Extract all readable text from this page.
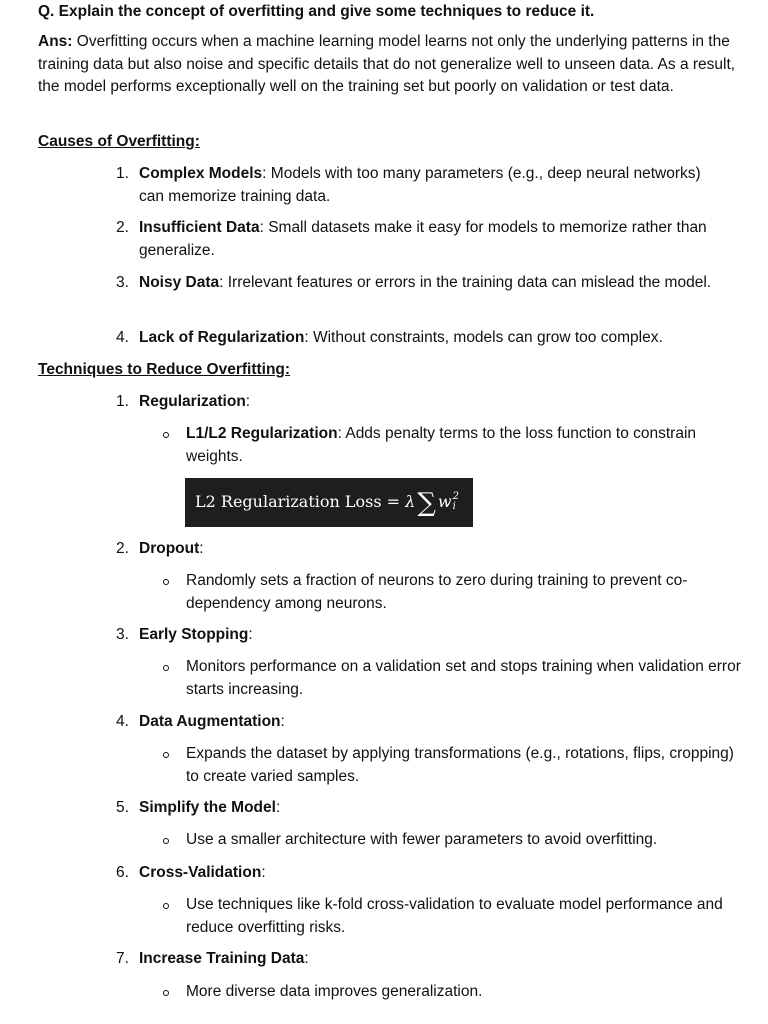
Q. Explain the concept of overfitting and give some techniques to reduce it.
Ans: Overfitting occurs when a machine learning model learns not only the underlying patterns in the training data but also noise and specific details that do not generalize well to unseen data. As a result, the model performs exceptionally well on the training set but poorly on validation or test data.
Causes of Overfitting:
1. Complex Models: Models with too many parameters (e.g., deep neural networks) can memorize training data.
2. Insufficient Data: Small datasets make it easy for models to memorize rather than generalize.
3. Noisy Data: Irrelevant features or errors in the training data can mislead the model.
4. Lack of Regularization: Without constraints, models can grow too complex.
Techniques to Reduce Overfitting:
1. Regularization:
L1/L2 Regularization: Adds penalty terms to the loss function to constrain weights.
L2 Regularization Loss = λ ∑ w 2
i
2. Dropout:
Randomly sets a fraction of neurons to zero during training to prevent co-dependency among neurons.
3. Early Stopping:
Monitors performance on a validation set and stops training when validation error starts increasing.
4. Data Augmentation:
Expands the dataset by applying transformations (e.g., rotations, flips, cropping) to create varied samples.
5. Simplify the Model:
Use a smaller architecture with fewer parameters to avoid overfitting.
6. Cross-Validation:
Use techniques like k-fold cross-validation to evaluate model performance and reduce overfitting risks.
7. Increase Training Data:
More diverse data improves generalization.
